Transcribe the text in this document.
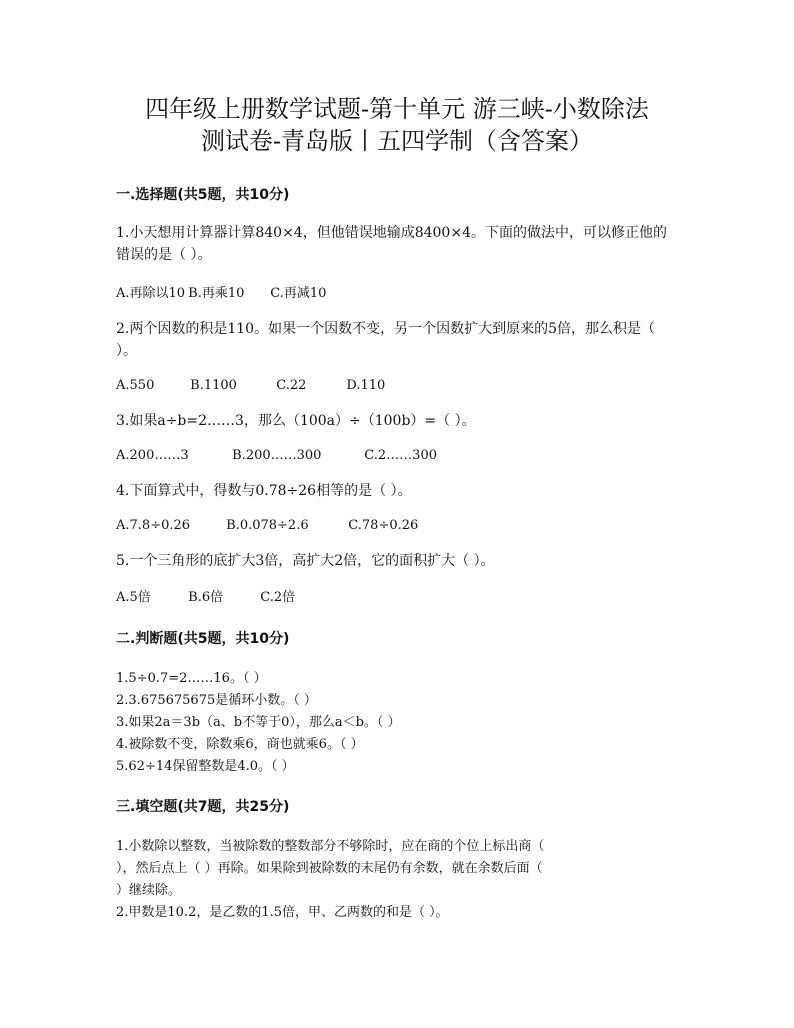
四年级上册数学试题-第十单元 游三峡-小数除法
测试卷-青岛版丨五四学制（含答案）
一.选择题(共5题，共10分)
1.小天想用计算器计算840×4，但他错误地输成8400×4。下面的做法中，可以修正他的错误的是（ ）。
A.再除以10 B.再乘10 C.再减10
2.两个因数的积是110。如果一个因数不变，另一个因数扩大到原来的5倍，那么积是（ ）。
A.550	B.1100	C.22	D.110
3.如果a÷b=2……3，那么（100a）÷（100b）=（ ）。
A.200……3	B.200……300	C.2……300
4.下面算式中，得数与0.78÷26相等的是（ ）。
A.7.8÷0.26	B.0.078÷2.6	C.78÷0.26
5.一个三角形的底扩大3倍，高扩大2倍，它的面积扩大（ ）。
A.5倍	B.6倍	C.2倍
二.判断题(共5题，共10分)
1.5÷0.7=2……16。（ ）
2.3.675675675是循环小数。（ ）
3.如果2a＝3b（a、b不等于0），那么a＜b。（ ）
4.被除数不变，除数乘6，商也就乘6。（ ）
5.62÷14保留整数是4.0。（ ）
三.填空题(共7题，共25分)
1.小数除以整数，当被除数的整数部分不够除时，应在商的个位上标出商（
），然后点上（ ）再除。如果除到被除数的末尾仍有余数，就在余数后面（
）继续除。
2.甲数是10.2，是乙数的1.5倍，甲、乙两数的和是（ ）。
